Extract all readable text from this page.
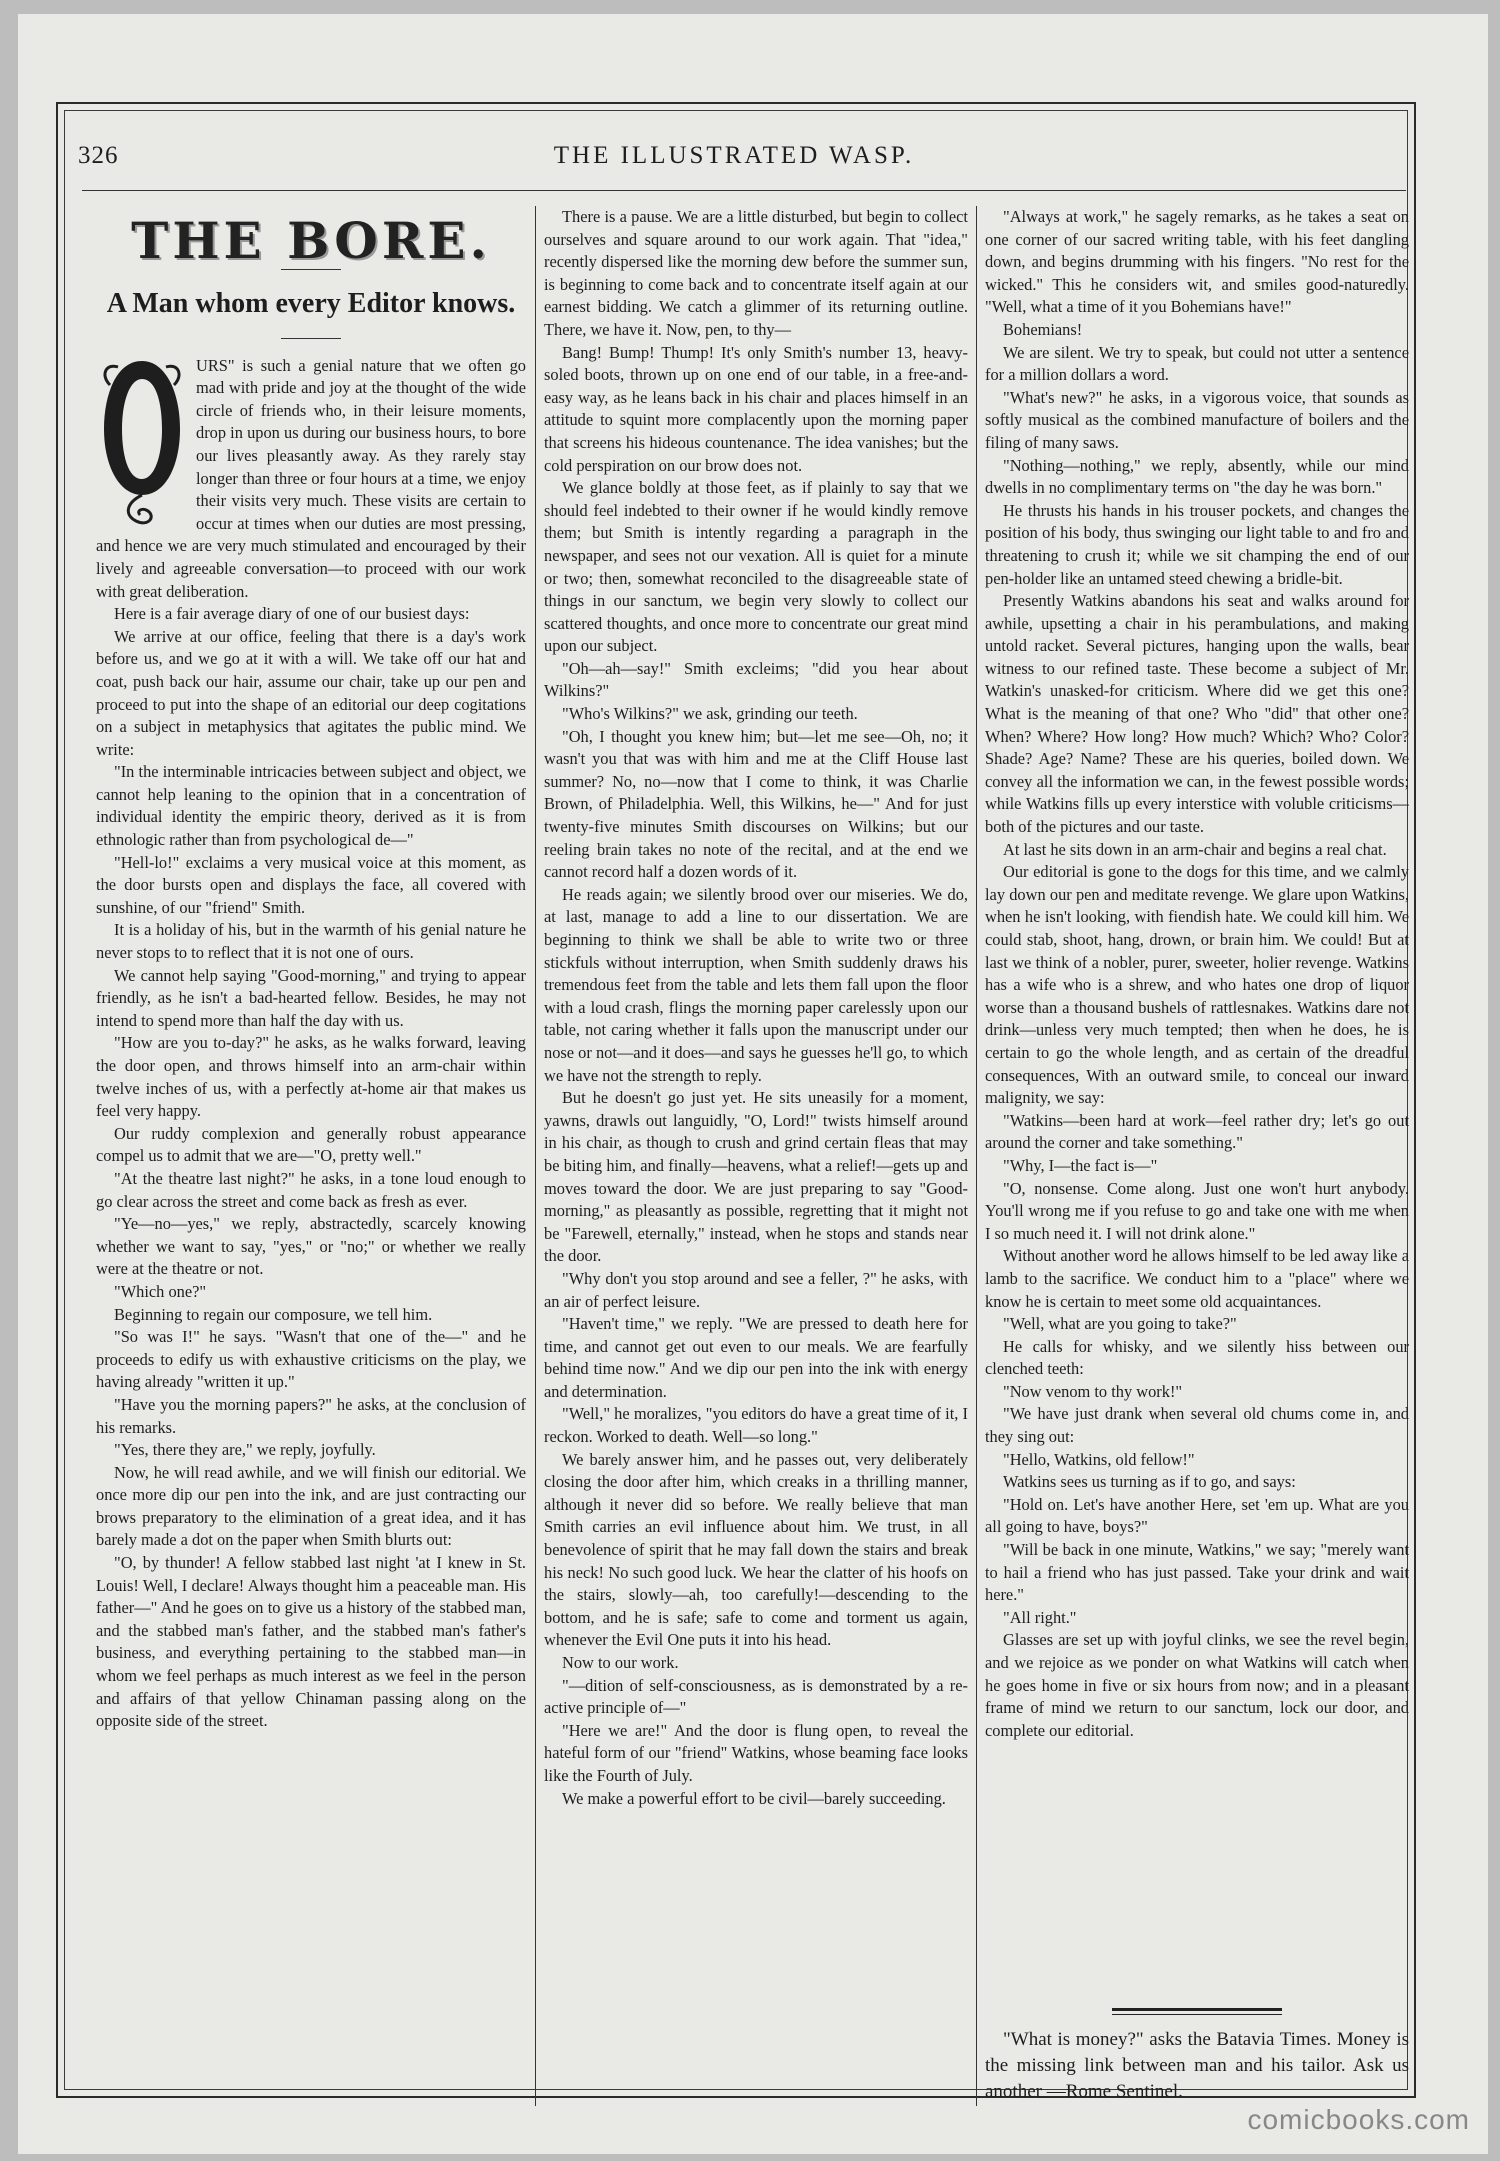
326	THE ILLUSTRATED WASP.
THE BORE.
A Man whom every Editor knows.
O

URS" is such a genial nature that we often go mad with pride and joy at the thought of the wide circle of friends who, in their leisure moments, drop in upon us during our business hours, to bore our lives pleasantly away. As they rarely stay longer than three or four hours at a time, we enjoy their visits very much. These visits are certain to occur at times when our duties are most pressing, and hence we are very much stimulated and encouraged by their lively and agreeable conversation—to proceed with our work with great deliberation.

Here is a fair average diary of one of our busiest days:

We arrive at our office, feeling that there is a day's work before us, and we go at it with a will. We take off our hat and coat, push back our hair, assume our chair, take up our pen and proceed to put into the shape of an editorial our deep cogitations on a subject in metaphysics that agitates the public mind. We write:

"In the interminable intricacies between subject and object, we cannot help leaning to the opinion that in a concentration of individual identity the empiric theory, derived as it is from ethnologic rather than from psychological de—"

"Hell-lo!" exclaims a very musical voice at this moment, as the door bursts open and displays the face, all covered with sunshine, of our "friend" Smith.

It is a holiday of his, but in the warmth of his genial nature he never stops to to reflect that it is not one of ours.

We cannot help saying "Good-morning," and trying to appear friendly, as he isn't a bad-hearted fellow. Besides, he may not intend to spend more than half the day with us.

"How are you to-day?" he asks, as he walks forward, leaving the door open, and throws himself into an arm-chair within twelve inches of us, with a perfectly at-home air that makes us feel very happy.

Our ruddy complexion and generally robust appearance compel us to admit that we are—"O, pretty well."

"At the theatre last night?" he asks, in a tone loud enough to go clear across the street and come back as fresh as ever.

"Ye—no—yes," we reply, abstractedly, scarcely knowing whether we want to say, "yes," or "no;" or whether we really were at the theatre or not.

"Which one?"

Beginning to regain our composure, we tell him.

"So was I!" he says. "Wasn't that one of the—" and he proceeds to edify us with exhaustive criticisms on the play, we having already "written it up."

"Have you the morning papers?" he asks, at the conclusion of his remarks.

"Yes, there they are," we reply, joyfully.

Now, he will read awhile, and we will finish our editorial. We once more dip our pen into the ink, and are just contracting our brows preparatory to the elimination of a great idea, and it has barely made a dot on the paper when Smith blurts out:

"O, by thunder! A fellow stabbed last night 'at I knew in St. Louis! Well, I declare! Always thought him a peaceable man. His father—" And he goes on to give us a history of the stabbed man, and the stabbed man's father, and the stabbed man's father's business, and everything pertaining to the stabbed man—in whom we feel perhaps as much interest as we feel in the person and affairs of that yellow Chinaman passing along on the opposite side of the street.

There is a pause. We are a little disturbed, but begin to collect ourselves and square around to our work again. That "idea," recently dispersed like the morning dew before the summer sun, is beginning to come back and to concentrate itself again at our earnest bidding. We catch a glimmer of its returning outline. There, we have it. Now, pen, to thy—

Bang! Bump! Thump! It's only Smith's number 13, heavy-soled boots, thrown up on one end of our table, in a free-and-easy way, as he leans back in his chair and places himself in an attitude to squint more complacently upon the morning paper that screens his hideous countenance. The idea vanishes; but the cold perspiration on our brow does not.

We glance boldly at those feet, as if plainly to say that we should feel indebted to their owner if he would kindly remove them; but Smith is intently regarding a paragraph in the newspaper, and sees not our vexation. All is quiet for a minute or two; then, somewhat reconciled to the disagreeable state of things in our sanctum, we begin very slowly to collect our scattered thoughts, and once more to concentrate our great mind upon our subject.

"Oh—ah—say!" Smith excleims; "did you hear about Wilkins?"

"Who's Wilkins?" we ask, grinding our teeth.

"Oh, I thought you knew him; but—let me see—Oh, no; it wasn't you that was with him and me at the Cliff House last summer? No, no—now that I come to think, it was Charlie Brown, of Philadelphia. Well, this Wilkins, he—" And for just twenty-five minutes Smith discourses on Wilkins; but our reeling brain takes no note of the recital, and at the end we cannot record half a dozen words of it.

He reads again; we silently brood over our miseries. We do, at last, manage to add a line to our dissertation. We are beginning to think we shall be able to write two or three stickfuls without interruption, when Smith suddenly draws his tremendous feet from the table and lets them fall upon the floor with a loud crash, flings the morning paper carelessly upon our table, not caring whether it falls upon the manuscript under our nose or not—and it does—and says he guesses he'll go, to which we have not the strength to reply.

But he doesn't go just yet. He sits uneasily for a moment, yawns, drawls out languidly, "O, Lord!" twists himself around in his chair, as though to crush and grind certain fleas that may be biting him, and finally—heavens, what a relief!—gets up and moves toward the door. We are just preparing to say "Good-morning," as pleasantly as possible, regretting that it might not be "Farewell, eternally," instead, when he stops and stands near the door.

"Why don't you stop around and see a feller, ?" he asks, with an air of perfect leisure.

"Haven't time," we reply. "We are pressed to death here for time, and cannot get out even to our meals. We are fearfully behind time now." And we dip our pen into the ink with energy and determination.

"Well," he moralizes, "you editors do have a great time of it, I reckon. Worked to death. Well—so long."

We barely answer him, and he passes out, very deliberately closing the door after him, which creaks in a thrilling manner, although it never did so before. We really believe that man Smith carries an evil influence about him. We trust, in all benevolence of spirit that he may fall down the stairs and break his neck! No such good luck. We hear the clatter of his hoofs on the stairs, slowly—ah, too carefully!—descending to the bottom, and he is safe; safe to come and torment us again, whenever the Evil One puts it into his head.

Now to our work.

"—dition of self-consciousness, as is demonstrated by a re-active principle of—"

"Here we are!" And the door is flung open, to reveal the hateful form of our "friend" Watkins, whose beaming face looks like the Fourth of July.

We make a powerful effort to be civil—barely succeeding.

"Always at work," he sagely remarks, as he takes a seat on one corner of our sacred writing table, with his feet dangling down, and begins drumming with his fingers. "No rest for the wicked." This he considers wit, and smiles good-naturedly. "Well, what a time of it you Bohemians have!"

Bohemians!

We are silent. We try to speak, but could not utter a sentence for a million dollars a word.

"What's new?" he asks, in a vigorous voice, that sounds as softly musical as the combined manufacture of boilers and the filing of many saws.

"Nothing—nothing," we reply, absently, while our mind dwells in no complimentary terms on "the day he was born."

He thrusts his hands in his trouser pockets, and changes the position of his body, thus swinging our light table to and fro and threatening to crush it; while we sit champing the end of our pen-holder like an untamed steed chewing a bridle-bit.

Presently Watkins abandons his seat and walks around for awhile, upsetting a chair in his perambulations, and making untold racket. Several pictures, hanging upon the walls, bear witness to our refined taste. These become a subject of Mr. Watkin's unasked-for criticism. Where did we get this one? What is the meaning of that one? Who "did" that other one? When? Where? How long? How much? Which? Who? Color? Shade? Age? Name? These are his queries, boiled down. We convey all the information we can, in the fewest possible words; while Watkins fills up every interstice with voluble criticisms—both of the pictures and our taste.

At last he sits down in an arm-chair and begins a real chat.

Our editorial is gone to the dogs for this time, and we calmly lay down our pen and meditate revenge. We glare upon Watkins, when he isn't looking, with fiendish hate. We could kill him. We could stab, shoot, hang, drown, or brain him. We could! But at last we think of a nobler, purer, sweeter, holier revenge. Watkins has a wife who is a shrew, and who hates one drop of liquor worse than a thousand bushels of rattlesnakes. Watkins dare not drink—unless very much tempted; then when he does, he is certain to go the whole length, and as certain of the dreadful consequences, With an outward smile, to conceal our inward malignity, we say:

"Watkins—been hard at work—feel rather dry; let's go out around the corner and take something."

"Why, I—the fact is—"

"O, nonsense. Come along. Just one won't hurt anybody. You'll wrong me if you refuse to go and take one with me when I so much need it. I will not drink alone."

Without another word he allows himself to be led away like a lamb to the sacrifice. We conduct him to a "place" where we know he is certain to meet some old acquaintances.

"Well, what are you going to take?"

He calls for whisky, and we silently hiss between our clenched teeth:

"Now venom to thy work!"

"We have just drank when several old chums come in, and they sing out:

"Hello, Watkins, old fellow!"

Watkins sees us turning as if to go, and says:

"Hold on. Let's have another Here, set 'em up. What are you all going to have, boys?"

"Will be back in one minute, Watkins," we say; "merely want to hail a friend who has just passed. Take your drink and wait here."

"All right."

Glasses are set up with joyful clinks, we see the revel begin, and we rejoice as we ponder on what Watkins will catch when he goes home in five or six hours from now; and in a pleasant frame of mind we return to our sanctum, lock our door, and complete our editorial.

"What is money?" asks the Batavia Times. Money is the missing link between man and his tailor. Ask us another —Rome Sentinel.

comicbooks.com
